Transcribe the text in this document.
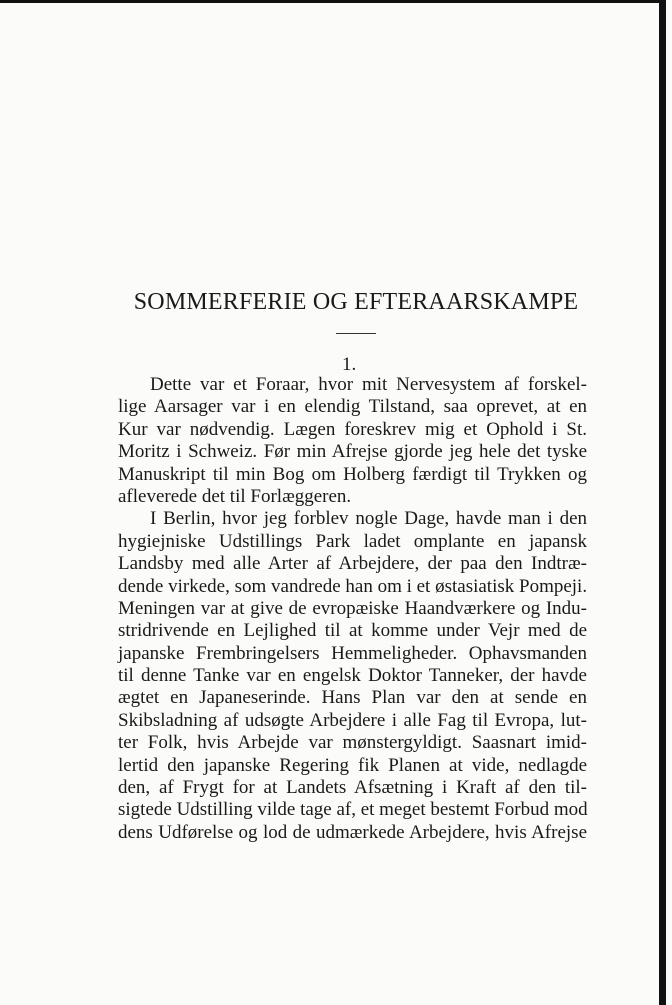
SOMMERFERIE OG EFTERAARSKAMPE
1.
Dette var et Foraar, hvor mit Nervesystem af forskel-
lige Aarsager var i en elendig Tilstand, saa oprevet, at en
Kur var nødvendig. Lægen foreskrev mig et Ophold i St.
Moritz i Schweiz. Før min Afrejse gjorde jeg hele det tyske
Manuskript til min Bog om Holberg færdigt til Trykken og
afleverede det til Forlæggeren.
I Berlin, hvor jeg forblev nogle Dage, havde man i den
hygiejniske Udstillings Park ladet omplante en japansk
Landsby med alle Arter af Arbejdere, der paa den Indtræ-
dende virkede, som vandrede han om i et østasiatisk Pompeji.
Meningen var at give de evropæiske Haandværkere og Indu-
stridrivende en Lejlighed til at komme under Vejr med de
japanske Frembringelsers Hemmeligheder. Ophavsmanden
til denne Tanke var en engelsk Doktor Tanneker, der havde
ægtet en Japaneserinde. Hans Plan var den at sende en
Skibsladning af udsøgte Arbejdere i alle Fag til Evropa, lut-
ter Folk, hvis Arbejde var mønstergyldigt. Saasnart imid-
lertid den japanske Regering fik Planen at vide, nedlagde
den, af Frygt for at Landets Afsætning i Kraft af den til-
sigtede Udstilling vilde tage af, et meget bestemt Forbud mod
dens Udførelse og lod de udmærkede Arbejdere, hvis Afrejse
